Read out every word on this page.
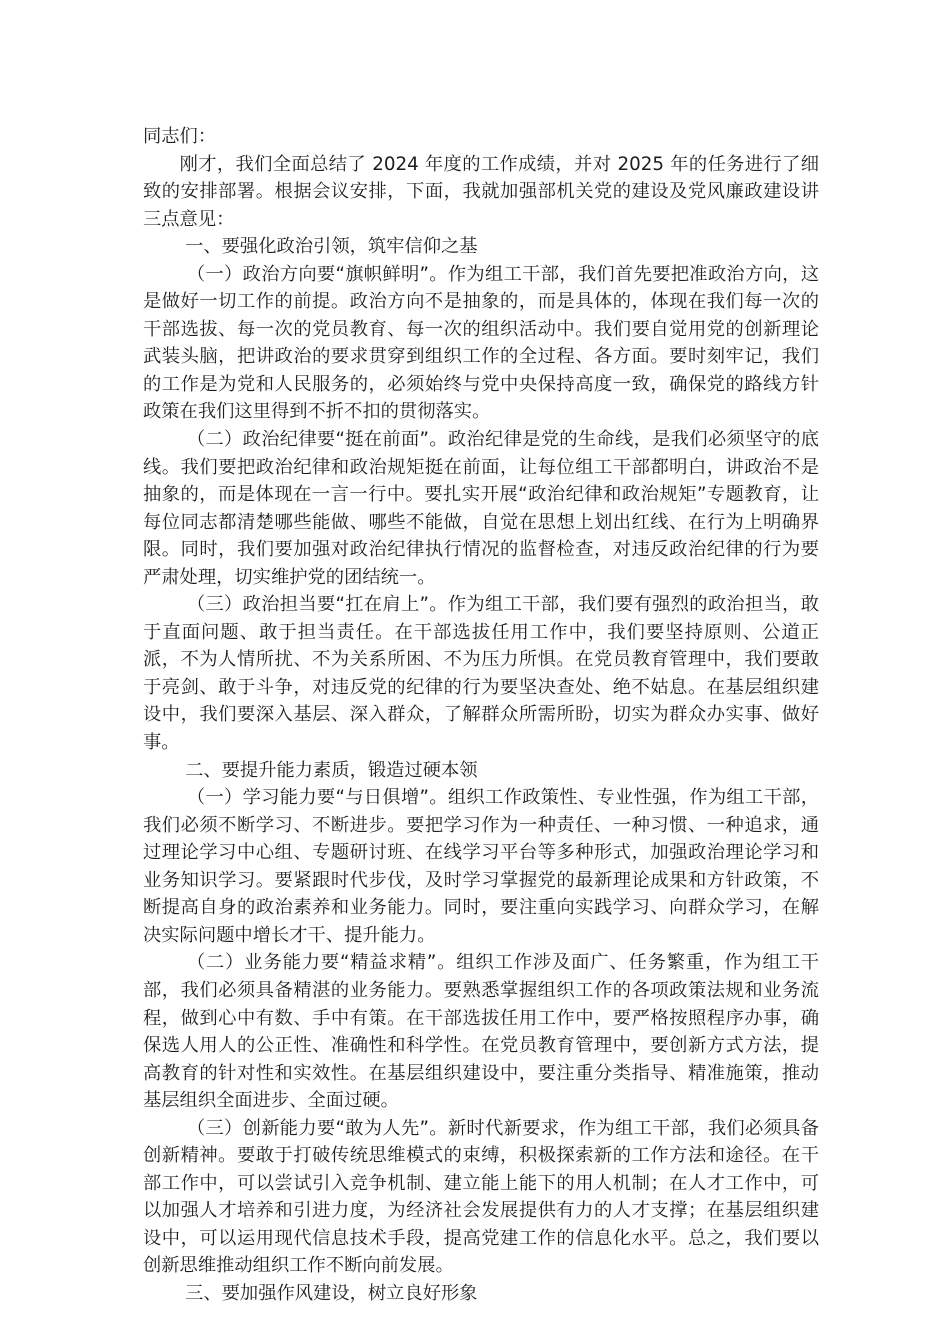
同志们：

刚才，我们全面总结了 2024 年度的工作成绩，并对 2025 年的任务进行了细致的安排部署。根据会议安排，下面，我就加强部机关党的建设及党风廉政建设讲三点意见：

一、要强化政治引领，筑牢信仰之基

（一）政治方向要“旗帜鲜明”。作为组工干部，我们首先要把准政治方向，这是做好一切工作的前提。政治方向不是抽象的，而是具体的，体现在我们每一次的干部选拔、每一次的党员教育、每一次的组织活动中。我们要自觉用党的创新理论武装头脑，把讲政治的要求贯穿到组织工作的全过程、各方面。要时刻牢记，我们的工作是为党和人民服务的，必须始终与党中央保持高度一致，确保党的路线方针政策在我们这里得到不折不扣的贯彻落实。

（二）政治纪律要“挺在前面”。政治纪律是党的生命线，是我们必须坚守的底线。我们要把政治纪律和政治规矩挺在前面，让每位组工干部都明白，讲政治不是抽象的，而是体现在一言一行中。要扎实开展“政治纪律和政治规矩”专题教育，让每位同志都清楚哪些能做、哪些不能做，自觉在思想上划出红线、在行为上明确界限。同时，我们要加强对政治纪律执行情况的监督检查，对违反政治纪律的行为要严肃处理，切实维护党的团结统一。

（三）政治担当要“扛在肩上”。作为组工干部，我们要有强烈的政治担当，敢于直面问题、敢于担当责任。在干部选拔任用工作中，我们要坚持原则、公道正派，不为人情所扰、不为关系所困、不为压力所惧。在党员教育管理中，我们要敢于亮剑、敢于斗争，对违反党的纪律的行为要坚决查处、绝不姑息。在基层组织建设中，我们要深入基层、深入群众，了解群众所需所盼，切实为群众办实事、做好事。

二、要提升能力素质，锻造过硬本领

（一）学习能力要“与日俱增”。组织工作政策性、专业性强，作为组工干部，我们必须不断学习、不断进步。要把学习作为一种责任、一种习惯、一种追求，通过理论学习中心组、专题研讨班、在线学习平台等多种形式，加强政治理论学习和业务知识学习。要紧跟时代步伐，及时学习掌握党的最新理论成果和方针政策，不断提高自身的政治素养和业务能力。同时，要注重向实践学习、向群众学习，在解决实际问题中增长才干、提升能力。

（二）业务能力要“精益求精”。组织工作涉及面广、任务繁重，作为组工干部，我们必须具备精湛的业务能力。要熟悉掌握组织工作的各项政策法规和业务流程，做到心中有数、手中有策。在干部选拔任用工作中，要严格按照程序办事，确保选人用人的公正性、准确性和科学性。在党员教育管理中，要创新方式方法，提高教育的针对性和实效性。在基层组织建设中，要注重分类指导、精准施策，推动基层组织全面进步、全面过硬。

（三）创新能力要“敢为人先”。新时代新要求，作为组工干部，我们必须具备创新精神。要敢于打破传统思维模式的束缚，积极探索新的工作方法和途径。在干部工作中，可以尝试引入竞争机制、建立能上能下的用人机制；在人才工作中，可以加强人才培养和引进力度，为经济社会发展提供有力的人才支撑；在基层组织建设中，可以运用现代信息技术手段，提高党建工作的信息化水平。总之，我们要以创新思维推动组织工作不断向前发展。

三、要加强作风建设，树立良好形象
